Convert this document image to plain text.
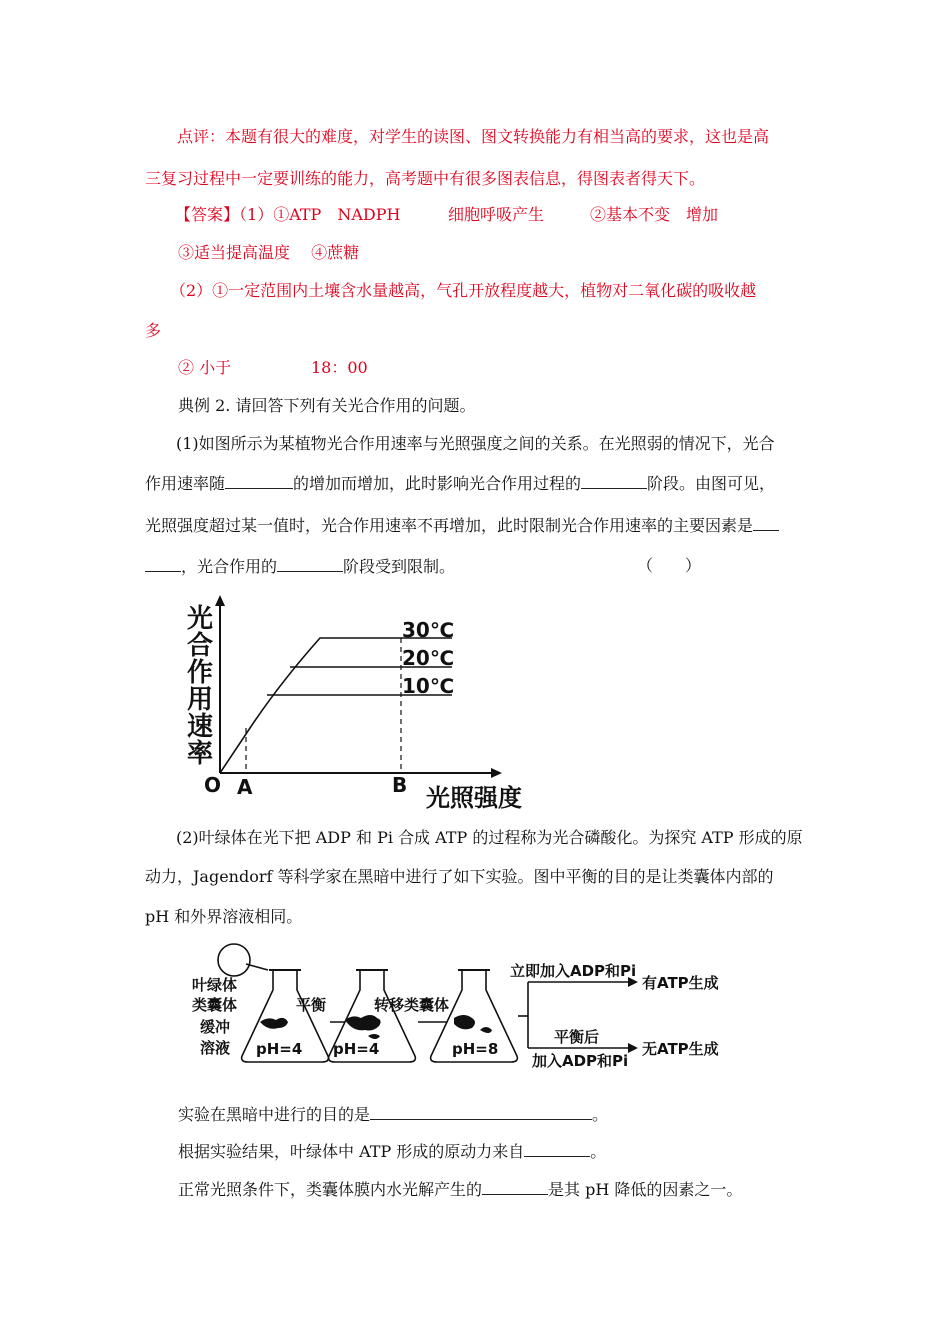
点评：本题有很大的难度，对学生的读图、图文转换能力有相当高的要求，这也是高
三复习过程中一定要训练的能力，高考题中有很多图表信息，得图表者得天下。
【答案】（1）①ATP　NADPH	细胞呼吸产生	②基本不变　增加
③适当提高温度　 ④蔗糖
（2）①一定范围内土壤含水量越高，气孔开放程度越大，植物对二氧化碳的吸收越
多
② 小于	18：00
典例 2. 请回答下列有关光合作用的问题。
(1)如图所示为某植物光合作用速率与光照强度之间的关系。在光照弱的情况下，光合
作用速率随	的增加而增加，此时影响光合作用过程的	阶段。由图可见，
光照强度超过某一值时，光合作用速率不再增加，此时限制光合作用速率的主要因素是
，光合作用的	阶段受到限制。	（　　）
光
合
作
用
速
率
30℃
20℃
10℃
O A	B 光照强度
(2)叶绿体在光下把 ADP 和 Pi 合成 ATP 的过程称为光合磷酸化。为探究 ATP 形成的原
动力，Jagendorf 等科学家在黑暗中进行了如下实验。图中平衡的目的是让类囊体内部的
pH 和外界溶液相同。
叶绿体
类囊体
缓冲
溶液 pH=4
平衡
pH=4
转移类囊体
pH=8
立即加入ADP和Pi
有ATP生成
平衡后
加入ADP和Pi
无ATP生成
实验在黑暗中进行的目的是	。
根据实验结果，叶绿体中 ATP 形成的原动力来自	。
正常光照条件下，类囊体膜内水光解产生的	是其 pH 降低的因素之一。
